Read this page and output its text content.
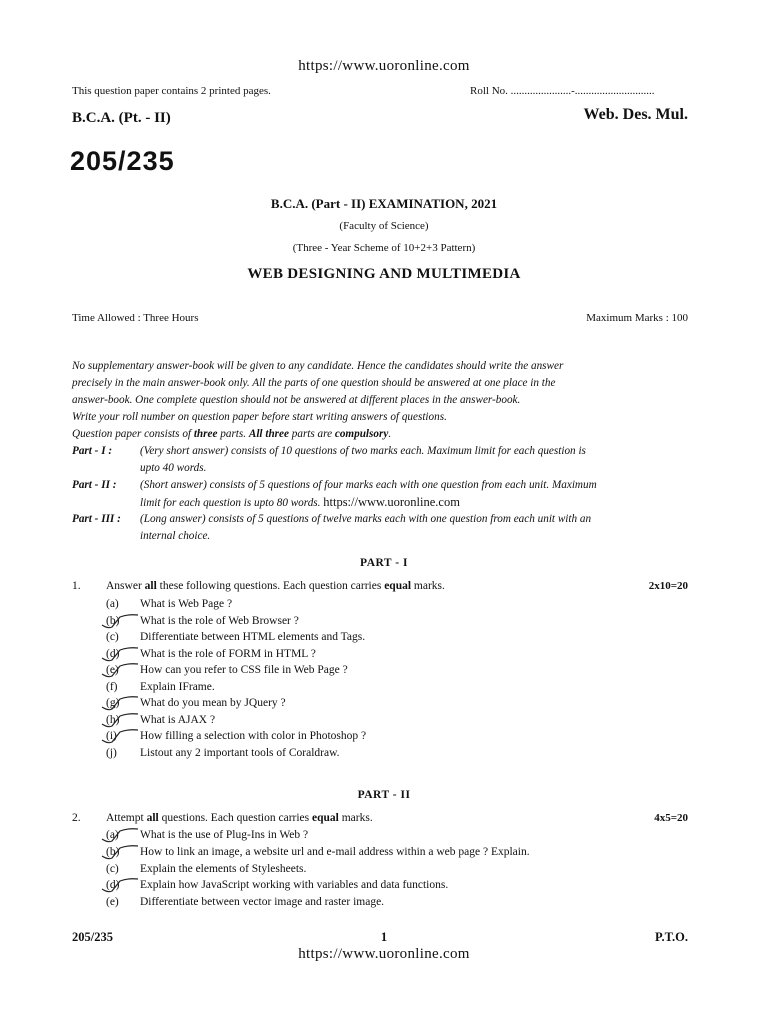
https://www.uoronline.com
This question paper contains 2 printed pages.	Roll No. ......................-.............................
B.C.A. (Pt. - II)	Web. Des. Mul.
205/235
B.C.A. (Part - II) EXAMINATION, 2021
(Faculty of Science)
(Three - Year Scheme of 10+2+3 Pattern)
WEB DESIGNING AND MULTIMEDIA
Time Allowed : Three Hours	Maximum Marks : 100
No supplementary answer-book will be given to any candidate. Hence the candidates should write the answer
precisely in the main answer-book only. All the parts of one question should be answered at one place in the
answer-book. One complete question should not be answered at different places in the answer-book.
Write your roll number on question paper before start writing answers of questions.
Question paper consists of three parts. All three parts are compulsory.
Part - I : (Very short answer) consists of 10 questions of two marks each. Maximum limit for each question is
upto 40 words.
Part - II : (Short answer) consists of 5 questions of four marks each with one question from each unit. Maximum
limit for each question is upto 80 words. https://www.uoronline.com
Part - III : (Long answer) consists of 5 questions of twelve marks each with one question from each unit with an
internal choice.
PART - I
1. Answer all these following questions. Each question carries equal marks.	2x10=20
(a)	What is Web Page ?
(b)	What is the role of Web Browser ?
(c)	Differentiate between HTML elements and Tags.
(d)	What is the role of FORM in HTML ?
(e)	How can you refer to CSS file in Web Page ?
(f)	Explain IFrame.
(g)	What do you mean by JQuery ?
(h)	What is AJAX ?
(i)	How filling a selection with color in Photoshop ?
(j)	Listout any 2 important tools of Coraldraw.
PART - II
2. Attempt all questions. Each question carries equal marks.	4x5=20
(a)	What is the use of Plug-Ins in Web ?
(b)	How to link an image, a website url and e-mail address within a web page ? Explain.
(c)	Explain the elements of Stylesheets.
(d)	Explain how JavaScript working with variables and data functions.
(e)	Differentiate between vector image and raster image.
205/235	1	P.T.O.
https://www.uoronline.com
